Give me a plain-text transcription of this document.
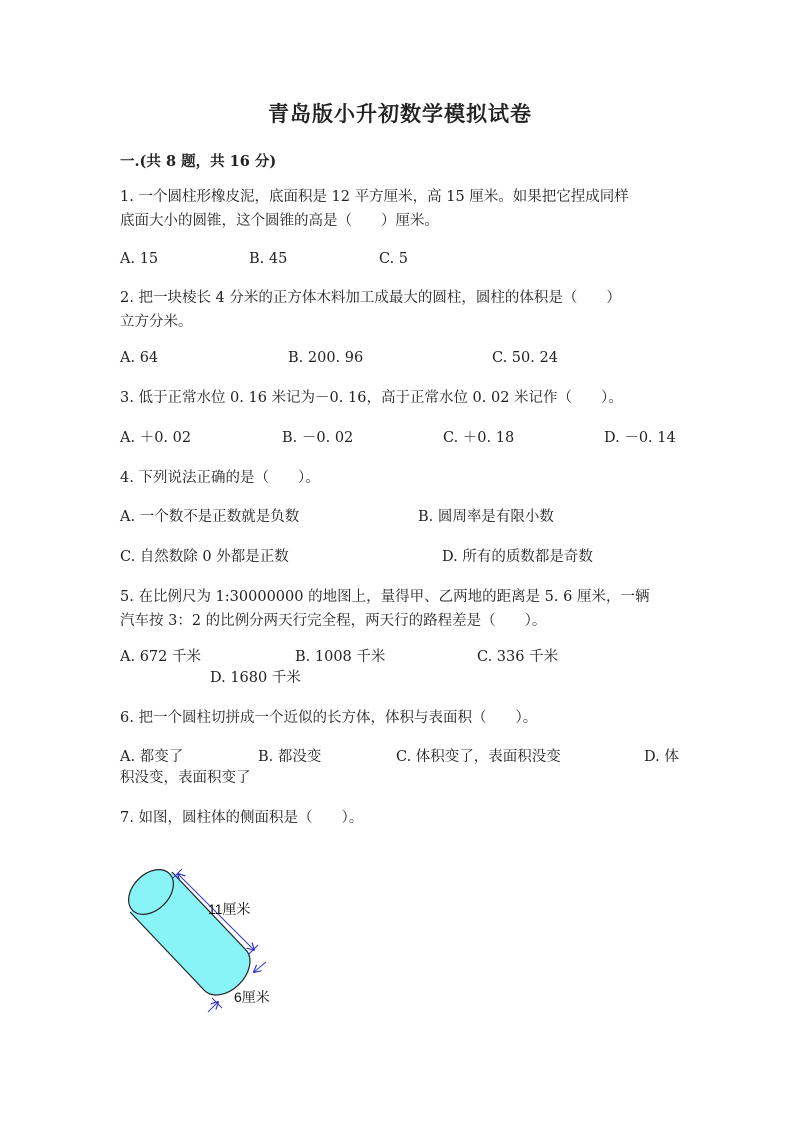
青岛版小升初数学模拟试卷
一.(共 8 题，共 16 分)
1. 一个圆柱形橡皮泥，底面积是 12 平方厘米，高 15 厘米。如果把它捏成同样
底面大小的圆锥，这个圆锥的高是（　　）厘米。
A. 15	B. 45	C. 5
2. 把一块棱长 4 分米的正方体木料加工成最大的圆柱，圆柱的体积是（　　）
立方分米。
A. 64	B. 200. 96	C. 50. 24
3. 低于正常水位 0. 16 米记为－0. 16，高于正常水位 0. 02 米记作（　　）。
A. ＋0. 02	B. －0. 02	C. ＋0. 18	D. －0. 14
4. 下列说法正确的是（　　）。
A. 一个数不是正数就是负数	B. 圆周率是有限小数
C. 自然数除 0 外都是正数	D. 所有的质数都是奇数
5. 在比例尺为 1:30000000 的地图上，量得甲、乙两地的距离是 5. 6 厘米，一辆
汽车按 3：2 的比例分两天行完全程，两天行的路程差是（　　）。
A. 672 千米	B. 1008 千米	C. 336 千米
D. 1680 千米
6. 把一个圆柱切拼成一个近似的长方体，体积与表面积（　　）。
A. 都变了	B. 都没变	C. 体积变了，表面积没变	D. 体
积没变，表面积变了
7. 如图，圆柱体的侧面积是（　　）。
11厘米
6厘米
